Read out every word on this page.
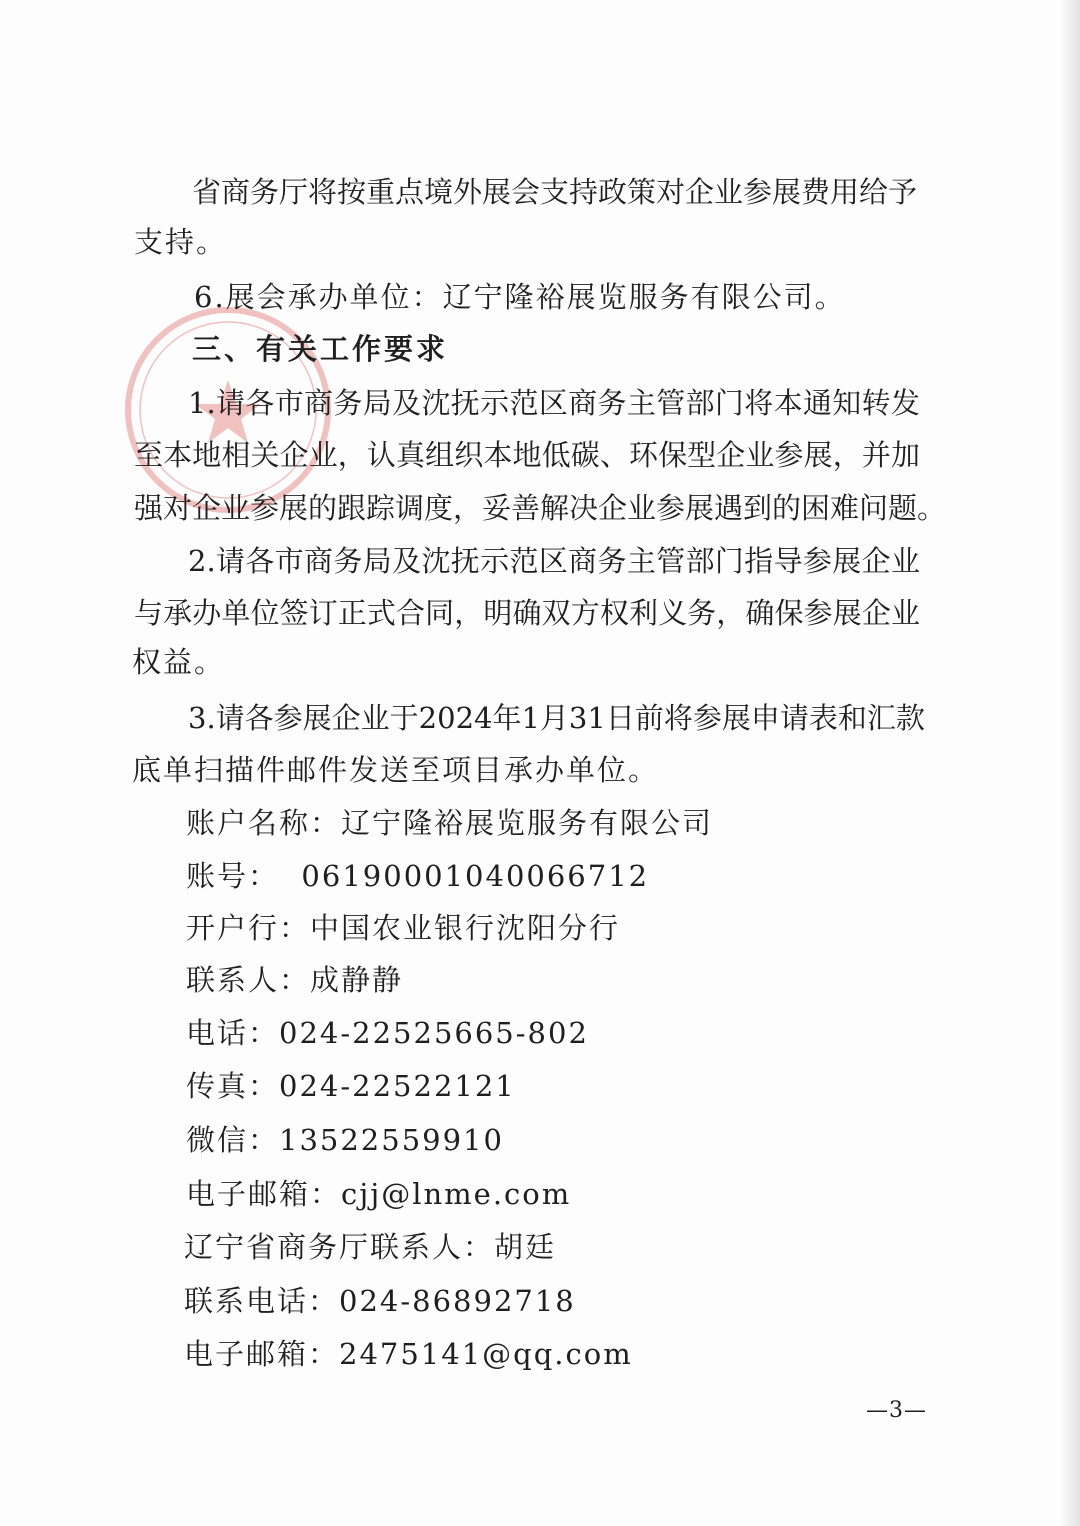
省商务厅将按重点境外展会支持政策对企业参展费用给予
支持。
6.展会承办单位：辽宁隆裕展览服务有限公司。
三、有关工作要求
1.请各市商务局及沈抚示范区商务主管部门将本通知转发
至本地相关企业，认真组织本地低碳、环保型企业参展，并加
强对企业参展的跟踪调度，妥善解决企业参展遇到的困难问题。
2.请各市商务局及沈抚示范区商务主管部门指导参展企业
与承办单位签订正式合同，明确双方权利义务，确保参展企业
权益。
3.请各参展企业于2024年1月31日前将参展申请表和汇款
底单扫描件邮件发送至项目承办单位。
账户名称：辽宁隆裕展览服务有限公司
账号：  06190001040066712
开户行：中国农业银行沈阳分行
联系人：成静静
电话：024-22525665-802
传真：024-22522121
微信：13522559910
电子邮箱：cjj@lnme.com
辽宁省商务厅联系人：胡廷
联系电话：024-86892718
电子邮箱：2475141@qq.com
—3—
